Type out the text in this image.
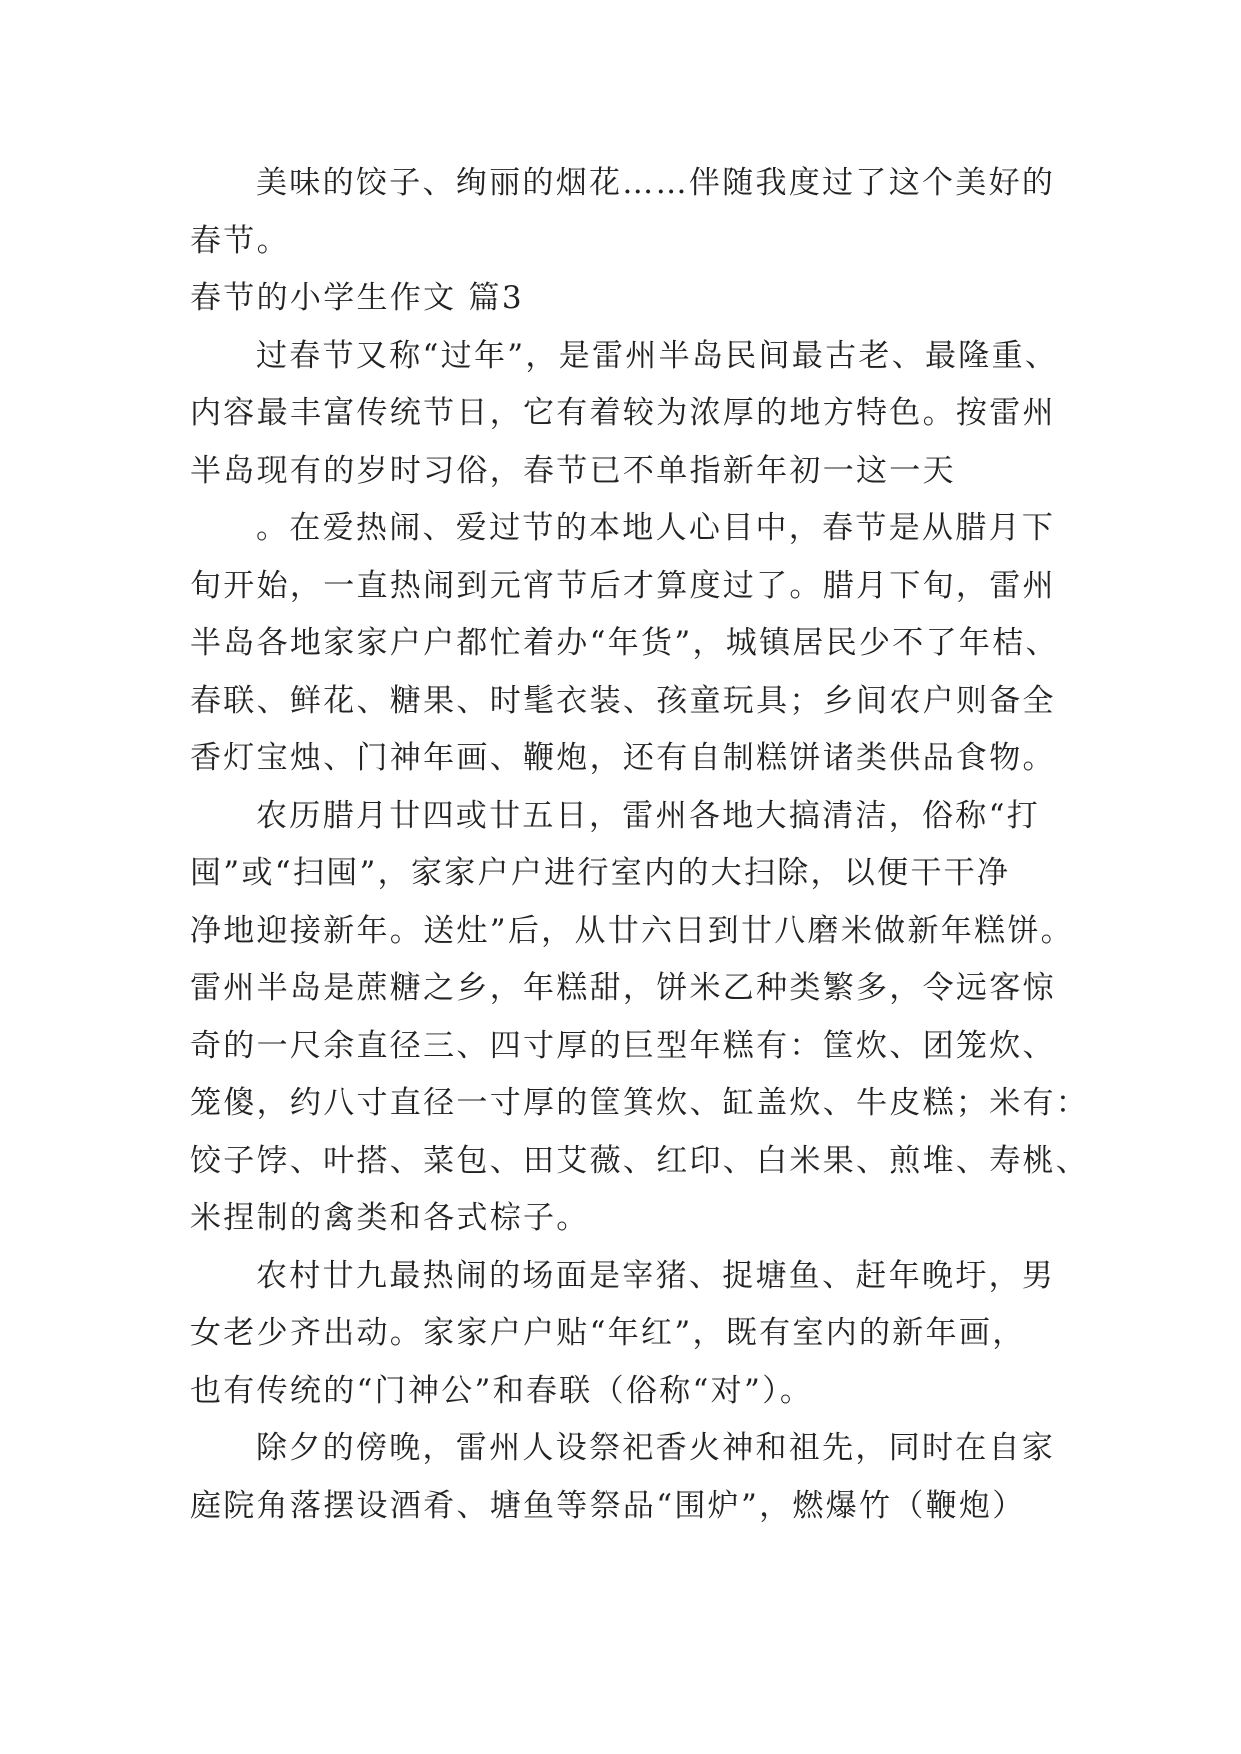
美味的饺子、绚丽的烟花……伴随我度过了这个美好的
春节。
春节的小学生作文 篇3
过春节又称“过年”，是雷州半岛民间最古老、最隆重、
内容最丰富传统节日，它有着较为浓厚的地方特色。按雷州
半岛现有的岁时习俗，春节已不单指新年初一这一天
。在爱热闹、爱过节的本地人心目中，春节是从腊月下
旬开始，一直热闹到元宵节后才算度过了。腊月下旬，雷州
半岛各地家家户户都忙着办“年货”，城镇居民少不了年桔、
春联、鲜花、糖果、时髦衣装、孩童玩具；乡间农户则备全
香灯宝烛、门神年画、鞭炮，还有自制糕饼诸类供品食物。
农历腊月廿四或廿五日，雷州各地大搞清洁，俗称“打
囤”或“扫囤”，家家户户进行室内的大扫除，以便干干净
净地迎接新年。送灶”后，从廿六日到廿八磨米做新年糕饼。
雷州半岛是蔗糖之乡，年糕甜，饼米乙种类繁多，令远客惊
奇的一尺余直径三、四寸厚的巨型年糕有：筐炊、团笼炊、
笼傻，约八寸直径一寸厚的筐箕炊、缸盖炊、牛皮糕；米有：
饺子饽、叶搭、菜包、田艾薇、红印、白米果、煎堆、寿桃、
米捏制的禽类和各式棕子。
农村廿九最热闹的场面是宰猪、捉塘鱼、赶年晚圩，男
女老少齐出动。家家户户贴“年红”，既有室内的新年画，
也有传统的“门神公”和春联（俗称“对”）。
除夕的傍晚，雷州人设祭祀香火神和祖先，同时在自家
庭院角落摆设酒肴、塘鱼等祭品“围炉”，燃爆竹（鞭炮）
